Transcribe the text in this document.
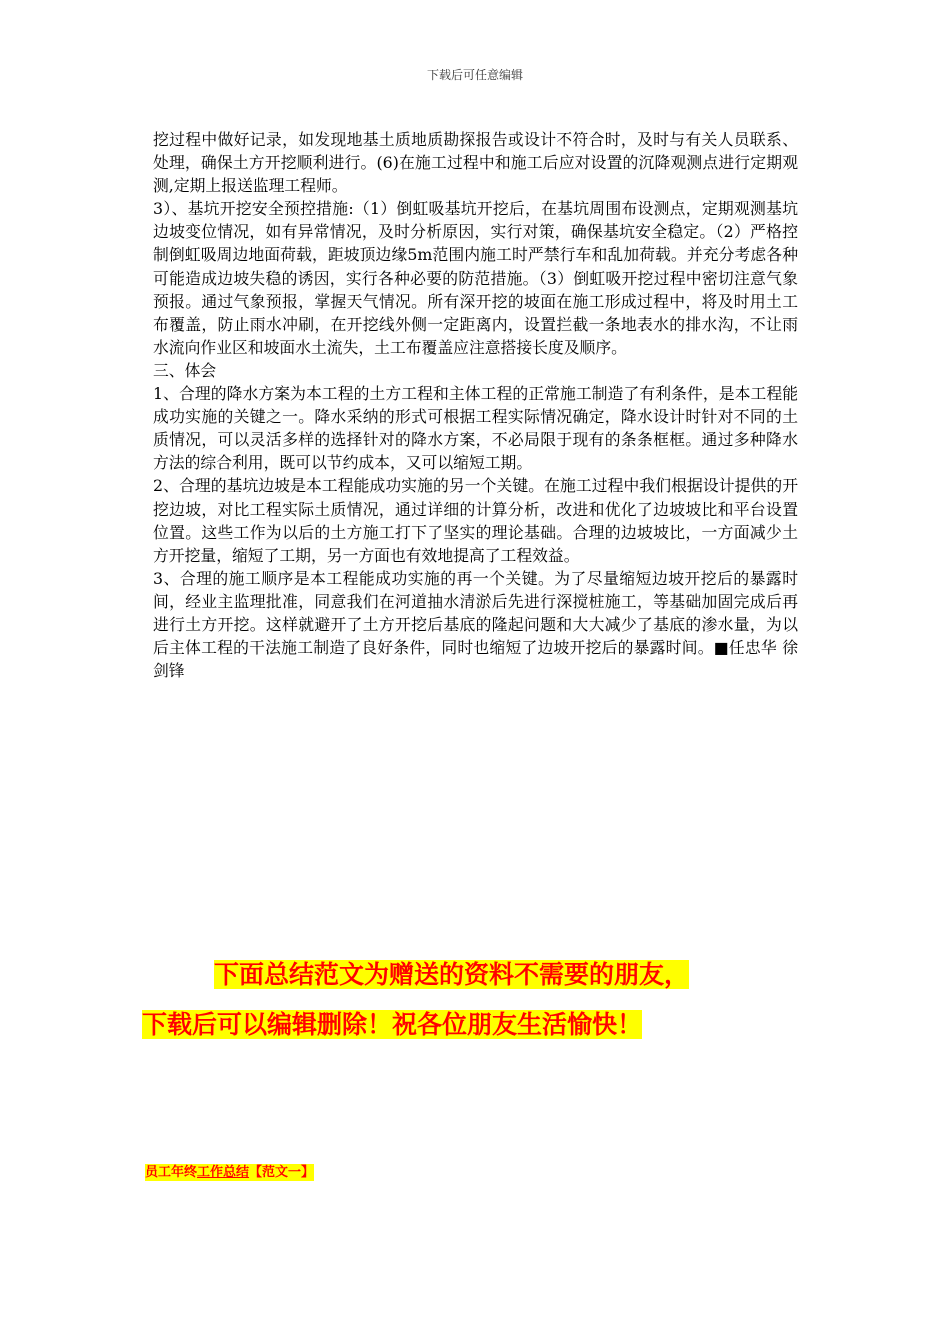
下载后可任意编辑

挖过程中做好记录，如发现地基土质地质勘探报告或设计不符合时，及时与有关人员联系、处理，确保土方开挖顺利进行。(6)在施工过程中和施工后应对设置的沉降观测点进行定期观测,定期上报送监理工程师。

3）、基坑开挖安全预控措施:（1）倒虹吸基坑开挖后，在基坑周围布设测点，定期观测基坑边坡变位情况，如有异常情况，及时分析原因，实行对策，确保基坑安全稳定。（2）严格控制倒虹吸周边地面荷载，距坡顶边缘5m范围内施工时严禁行车和乱加荷载。并充分考虑各种可能造成边坡失稳的诱因，实行各种必要的防范措施。（3）倒虹吸开挖过程中密切注意气象预报。通过气象预报，掌握天气情况。所有深开挖的坡面在施工形成过程中，将及时用土工布覆盖，防止雨水冲刷，在开挖线外侧一定距离内，设置拦截一条地表水的排水沟，不让雨水流向作业区和坡面水土流失，土工布覆盖应注意搭接长度及顺序。

三、体会

1、合理的降水方案为本工程的土方工程和主体工程的正常施工制造了有利条件，是本工程能成功实施的关键之一。降水采纳的形式可根据工程实际情况确定，降水设计时针对不同的土质情况，可以灵活多样的选择针对的降水方案，不必局限于现有的条条框框。通过多种降水方法的综合利用，既可以节约成本，又可以缩短工期。

2、合理的基坑边坡是本工程能成功实施的另一个关键。在施工过程中我们根据设计提供的开挖边坡，对比工程实际土质情况，通过详细的计算分析，改进和优化了边坡坡比和平台设置位置。这些工作为以后的土方施工打下了坚实的理论基础。合理的边坡坡比，一方面减少土方开挖量，缩短了工期，另一方面也有效地提高了工程效益。

3、合理的施工顺序是本工程能成功实施的再一个关键。为了尽量缩短边坡开挖后的暴露时间，经业主监理批准，同意我们在河道抽水清淤后先进行深搅桩施工，等基础加固完成后再进行土方开挖。这样就避开了土方开挖后基底的隆起问题和大大减少了基底的渗水量，为以后主体工程的干法施工制造了良好条件，同时也缩短了边坡开挖后的暴露时间。■任忠华 徐剑锋

下面总结范文为赠送的资料不需要的朋友，
下载后可以编辑删除！祝各位朋友生活愉快！
员工年终工作总结【范文一】
